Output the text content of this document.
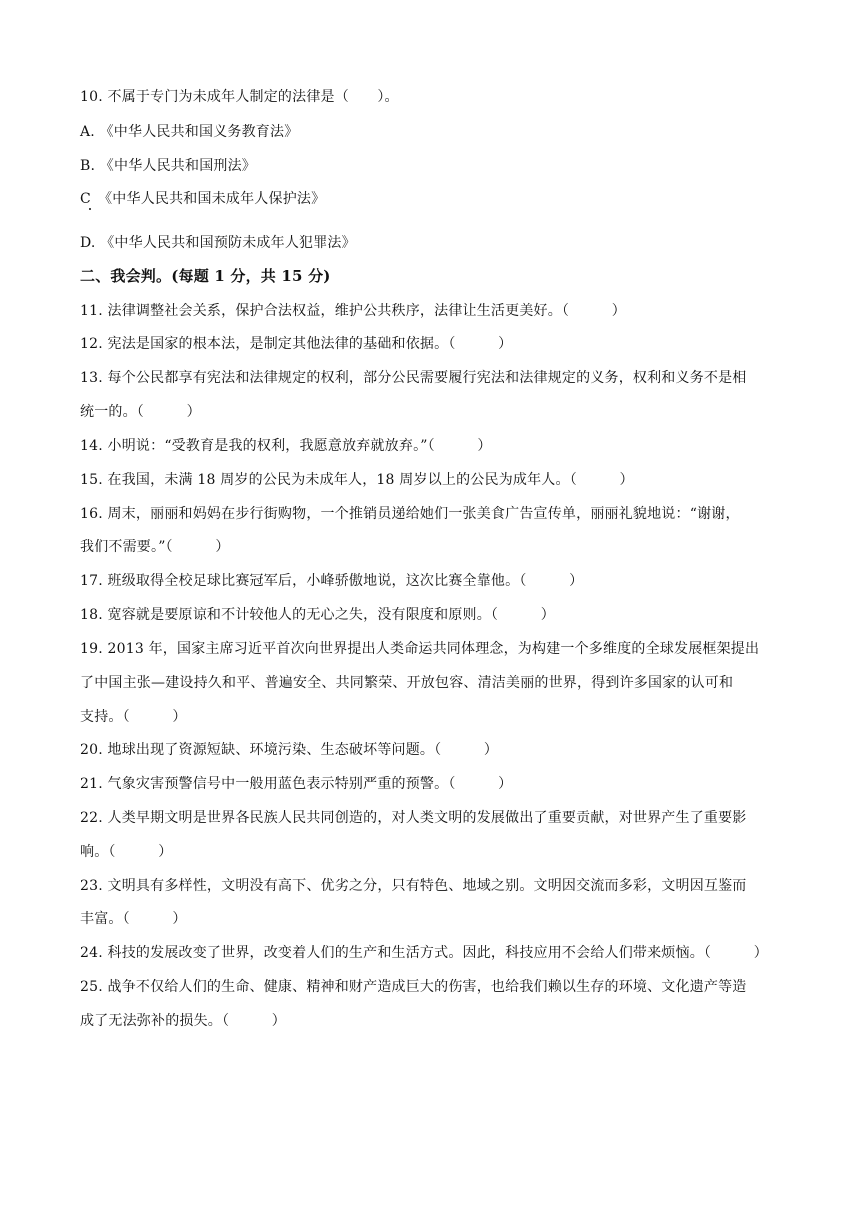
10. 不属于专门为未成年人制定的法律是（　　）。
A. 《中华人民共和国义务教育法》
B. 《中华人民共和国刑法》
C　《中华人民共和国未成年人保护法》
D. 《中华人民共和国预防未成年人犯罪法》
二、我会判。(每题 1 分，共 15 分)
11. 法律调整社会关系，保护合法权益，维护公共秩序，法律让生活更美好。（　　　）
12. 宪法是国家的根本法，是制定其他法律的基础和依据。（　　　）
13. 每个公民都享有宪法和法律规定的权利，部分公民需要履行宪法和法律规定的义务，权利和义务不是相
统一的。（　　　）
14. 小明说：“受教育是我的权利，我愿意放弃就放弃。”（　　　）
15. 在我国，未满 18 周岁的公民为未成年人，18 周岁以上的公民为成年人。（　　　）
16. 周末，丽丽和妈妈在步行街购物，一个推销员递给她们一张美食广告宣传单，丽丽礼貌地说：“谢谢，
我们不需要。”（　　　）
17. 班级取得全校足球比赛冠军后，小峰骄傲地说，这次比赛全靠他。（　　　）
18. 宽容就是要原谅和不计较他人的无心之失，没有限度和原则。（　　　）
19. 2013 年，国家主席习近平首次向世界提出人类命运共同体理念，为构建一个多维度的全球发展框架提出
了中国主张—建设持久和平、普遍安全、共同繁荣、开放包容、清洁美丽的世界，得到许多国家的认可和
支持。（　　　）
20. 地球出现了资源短缺、环境污染、生态破坏等问题。（　　　）
21. 气象灾害预警信号中一般用蓝色表示特别严重的预警。（　　　）
22. 人类早期文明是世界各民族人民共同创造的，对人类文明的发展做出了重要贡献，对世界产生了重要影
响。（　　　）
23. 文明具有多样性，文明没有高下、优劣之分，只有特色、地域之别。文明因交流而多彩，文明因互鉴而
丰富。（　　　）
24. 科技的发展改变了世界，改变着人们的生产和生活方式。因此，科技应用不会给人们带来烦恼。（　　　）
25. 战争不仅给人们的生命、健康、精神和财产造成巨大的伤害，也给我们赖以生存的环境、文化遗产等造
成了无法弥补的损失。（　　　）
